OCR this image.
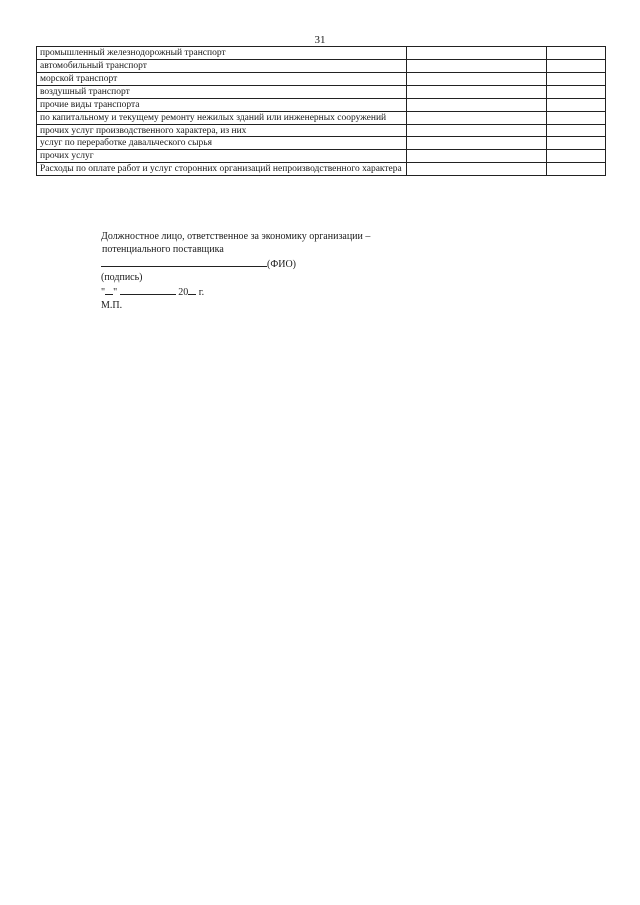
31
промышленный железнодорожный транспорт		
автомобильный транспорт		
морской транспорт		
воздушный транспорт		
прочие виды транспорта		
по капитальному и текущему ремонту нежилых зданий или инженерных сооружений		
прочих услуг производственного характера, из них		
услуг по переработке давальческого сырья		
прочих услуг		
Расходы по оплате работ и услуг сторонних организаций непроизводственного характера		
Должностное лицо, ответственное за экономику организации –
потенциального поставщика
(ФИО)
(подпись)
" "	20 г.
М.П.
